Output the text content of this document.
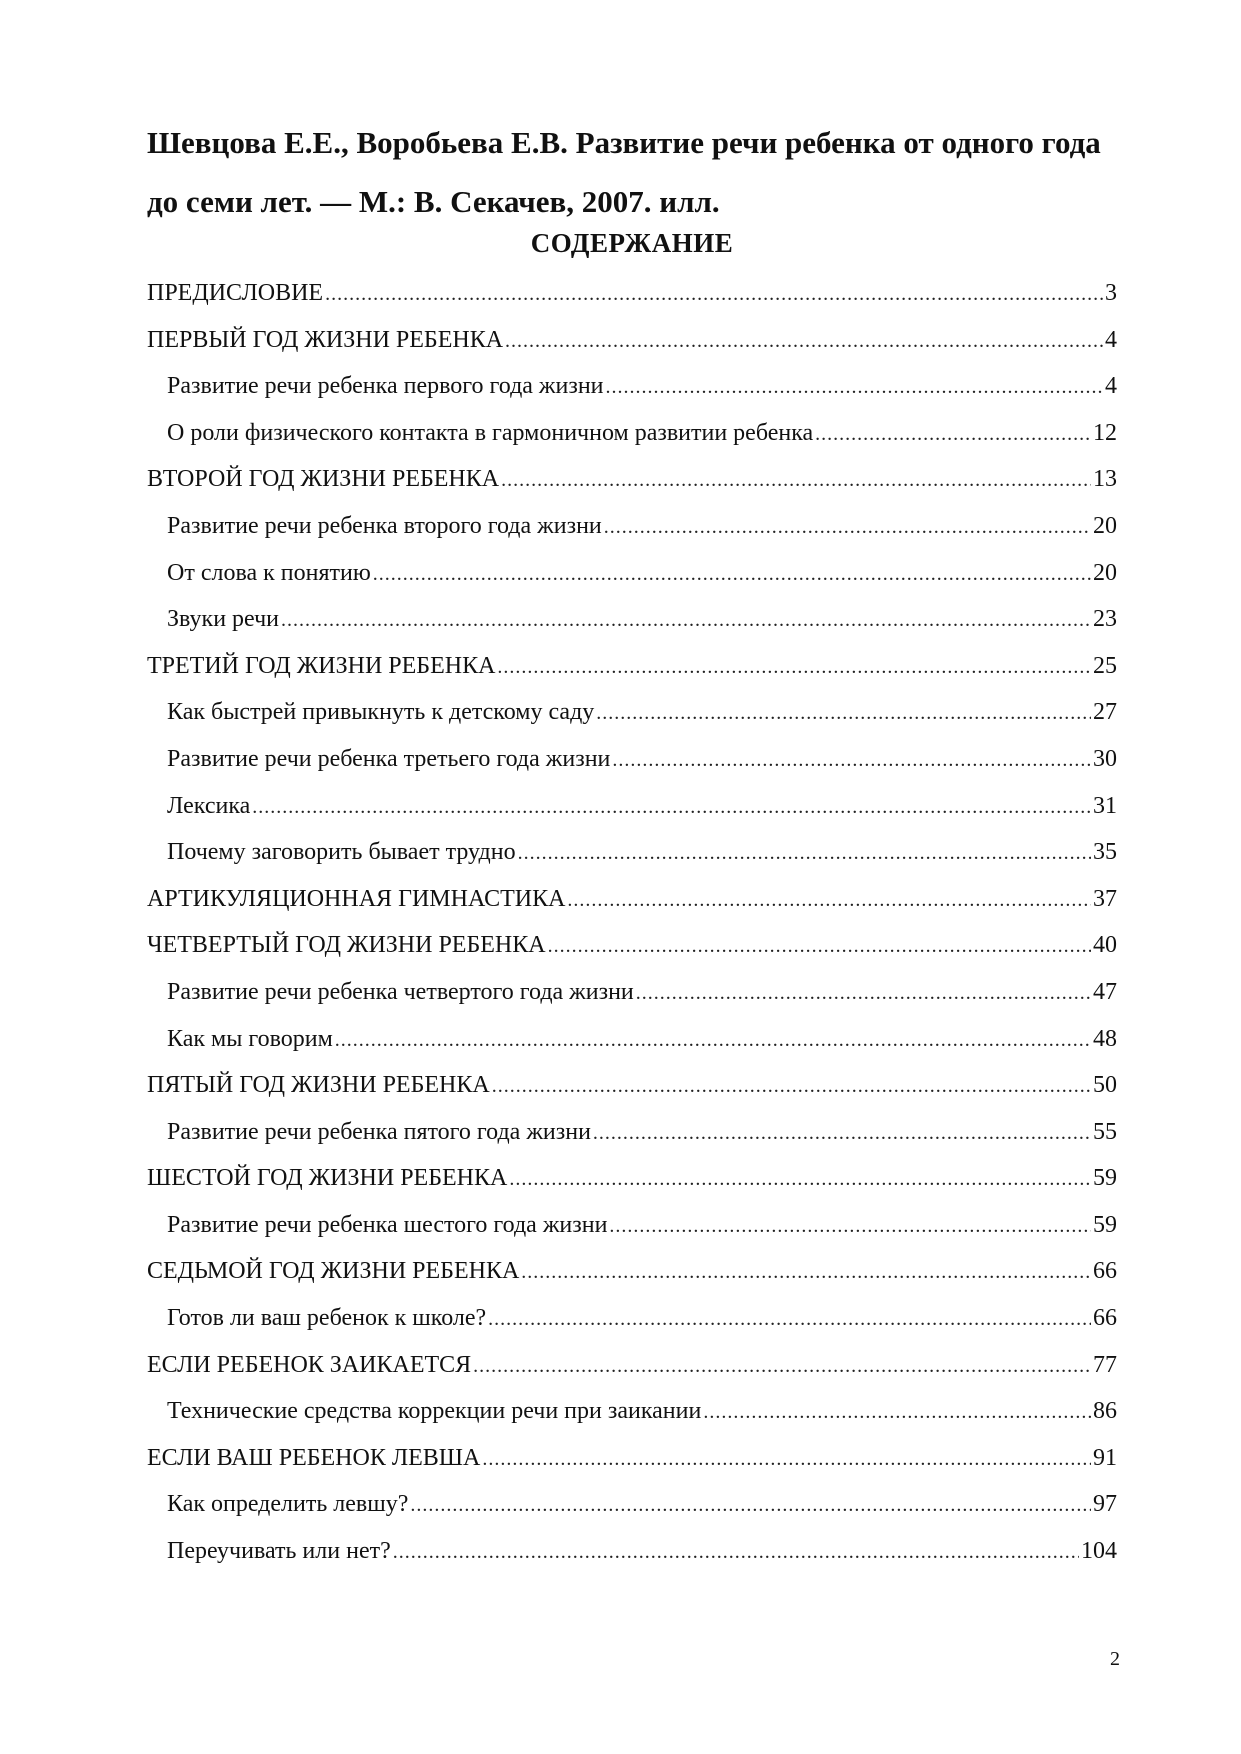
Шевцова Е.Е., Воробьева Е.В. Развитие речи ребенка от одного года до семи лет. — М.: В. Секачев, 2007. илл.
СОДЕРЖАНИЕ
ПРЕДИСЛОВИЕ .....	3
ПЕРВЫЙ ГОД ЖИЗНИ РЕБЕНКА .....	4
Развитие речи ребенка первого года жизни .....	4
О роли физического контакта в гармоничном развитии ребенка .....	12
ВТОРОЙ ГОД ЖИЗНИ РЕБЕНКА .....	13
Развитие речи ребенка второго года жизни .....	20
От слова к понятию .....	20
Звуки речи .....	23
ТРЕТИЙ ГОД ЖИЗНИ РЕБЕНКА .....	25
Как быстрей привыкнуть к детскому саду .....	27
Развитие речи ребенка третьего года жизни .....	30
Лексика .....	31
Почему заговорить бывает трудно .....	35
АРТИКУЛЯЦИОННАЯ ГИМНАСТИКА .....	37
ЧЕТВЕРТЫЙ ГОД ЖИЗНИ РЕБЕНКА .....	40
Развитие речи ребенка четвертого года жизни .....	47
Как мы говорим .....	48
ПЯТЫЙ ГОД ЖИЗНИ РЕБЕНКА .....	50
Развитие речи ребенка пятого года жизни .....	55
ШЕСТОЙ ГОД ЖИЗНИ РЕБЕНКА .....	59
Развитие речи ребенка шестого года жизни .....	59
СЕДЬМОЙ ГОД ЖИЗНИ РЕБЕНКА .....	66
Готов ли ваш ребенок к школе? .....	66
ЕСЛИ РЕБЕНОК ЗАИКАЕТСЯ .....	77
Технические средства коррекции речи при заикании .....	86
ЕСЛИ ВАШ РЕБЕНОК ЛЕВША .....	91
Как определить левшу? .....	97
Переучивать или нет? .....	104
2
